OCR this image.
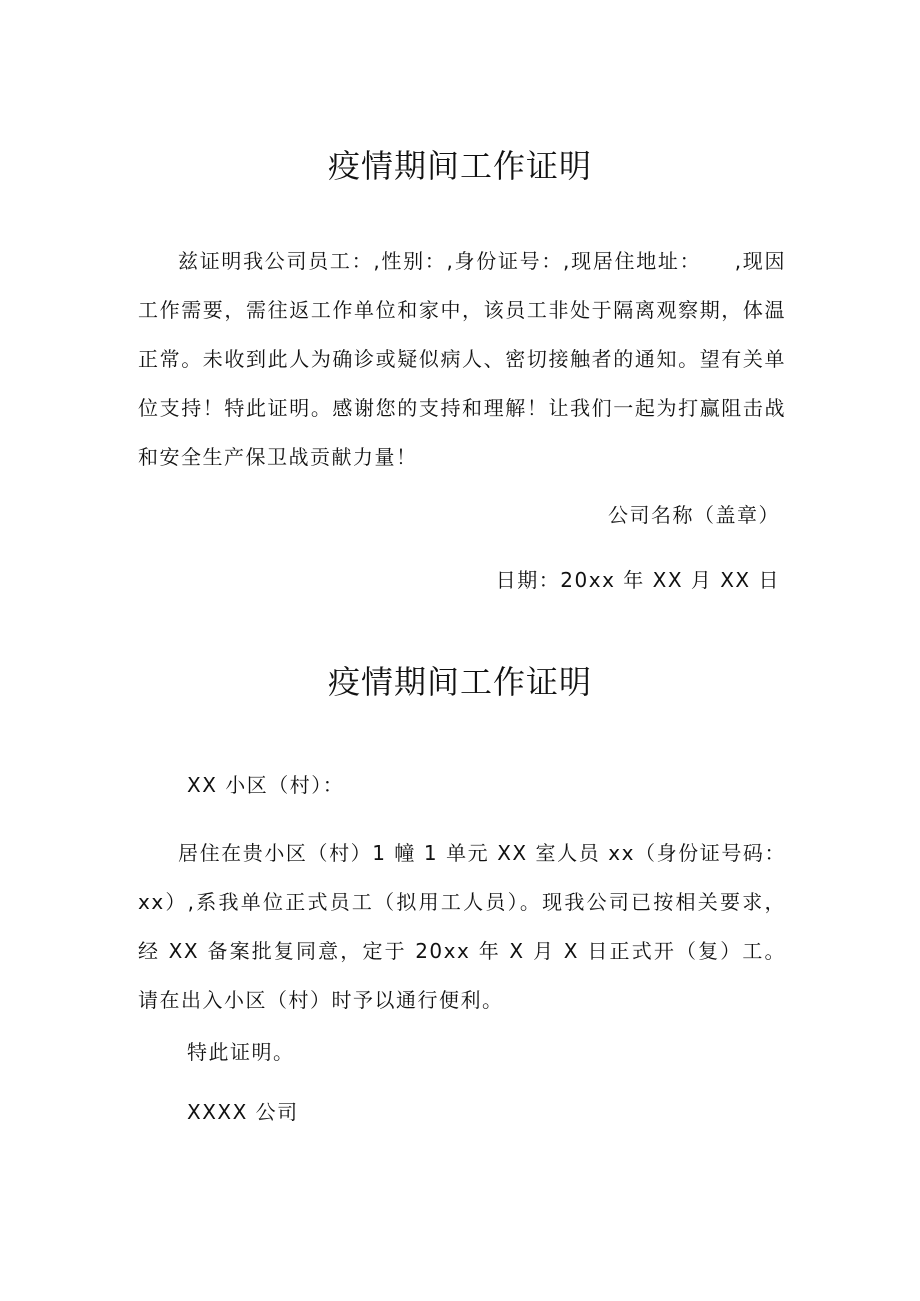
疫情期间工作证明

兹证明我公司员工：,性别：,身份证号：,现居住地址：　　,现因工作需要，需往返工作单位和家中，该员工非处于隔离观察期，体温正常。未收到此人为确诊或疑似病人、密切接触者的通知。望有关单位支持！特此证明。感谢您的支持和理解！让我们一起为打赢阻击战和安全生产保卫战贡献力量！

公司名称（盖章）
日期：20xx 年 XX 月 XX 日
疫情期间工作证明
XX 小区（村）：

居住在贵小区（村）1 幢 1 单元 XX 室人员 xx（身份证号码：xx）,系我单位正式员工（拟用工人员）。现我公司已按相关要求，经 XX 备案批复同意，定于 20xx 年 X 月 X 日正式开（复）工。请在出入小区（村）时予以通行便利。

特此证明。
XXXX 公司
